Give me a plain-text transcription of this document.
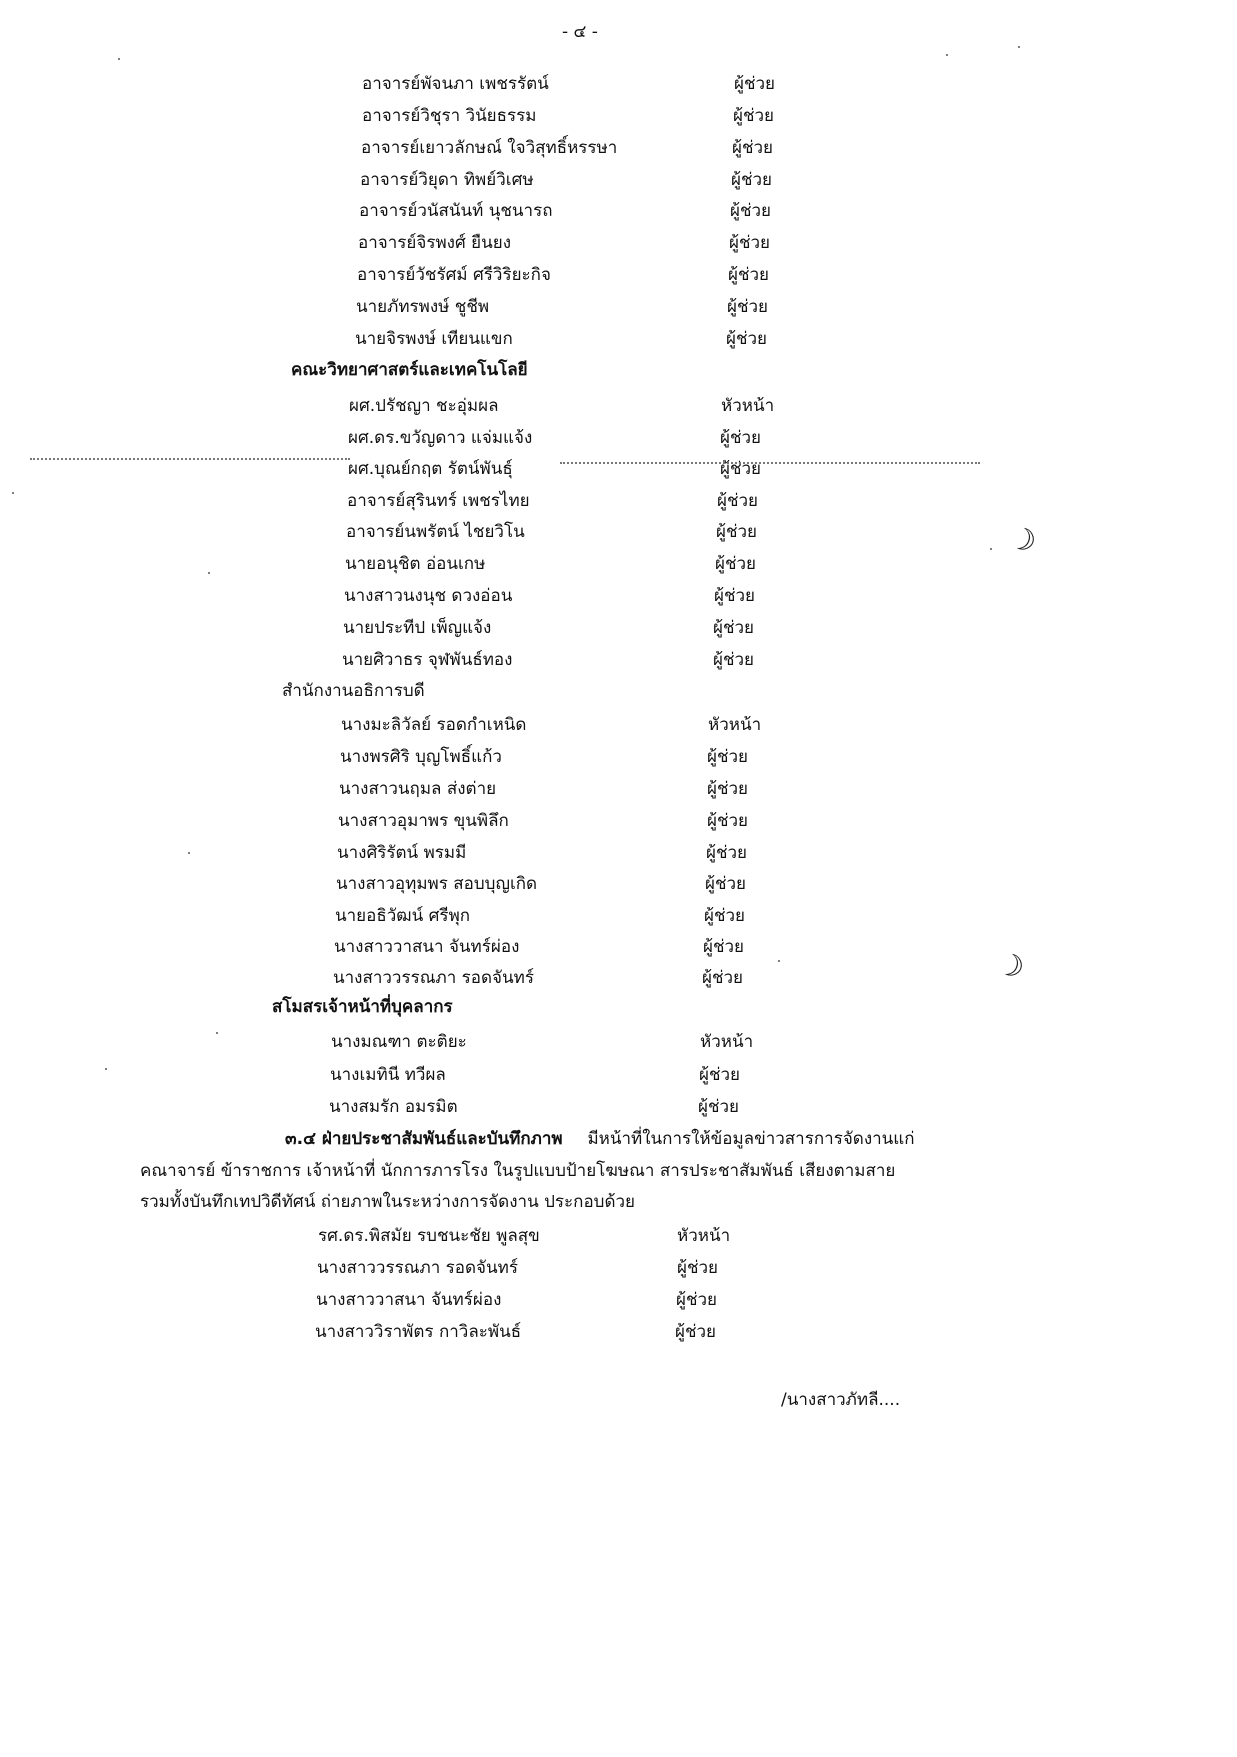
- ๔ -
อาจารย์พัจนภา เพชรรัตน์	ผู้ช่วย
อาจารย์วิชุรา วินัยธรรม	ผู้ช่วย
อาจารย์เยาวลักษณ์ ใจวิสุทธิ์หรรษา	ผู้ช่วย
อาจารย์วิยุดา ทิพย์วิเศษ	ผู้ช่วย
อาจารย์วนัสนันท์ นุชนารถ	ผู้ช่วย
อาจารย์จิรพงศ์ ยืนยง	ผู้ช่วย
อาจารย์วัชรัศม์ ศรีวิริยะกิจ	ผู้ช่วย
นายภัทรพงษ์ ชูชีพ	ผู้ช่วย
นายจิรพงษ์ เทียนแขก	ผู้ช่วย
คณะวิทยาศาสตร์และเทคโนโลยี
ผศ.ปรัชญา ชะอุ่มผล	หัวหน้า
ผศ.ดร.ขวัญดาว แจ่มแจ้ง	ผู้ช่วย
ผศ.บุณย์กฤต รัตน์พันธุ์	ผู้ช่วย
อาจารย์สุรินทร์ เพชรไทย	ผู้ช่วย
อาจารย์นพรัตน์ ไชยวิโน	ผู้ช่วย
นายอนุชิต อ่อนเกษ	ผู้ช่วย
นางสาวนงนุช ดวงอ่อน	ผู้ช่วย
นายประทีป เพ็ญแจ้ง	ผู้ช่วย
นายศิวาธร จุฬพันธ์ทอง	ผู้ช่วย
สำนักงานอธิการบดี
นางมะลิวัลย์ รอดกำเหนิด	หัวหน้า
นางพรศิริ บุญโพธิ์แก้ว	ผู้ช่วย
นางสาวนฤมล ส่งต่าย	ผู้ช่วย
นางสาวอุมาพร ขุนพิลึก	ผู้ช่วย
นางศิริรัตน์ พรมมี	ผู้ช่วย
นางสาวอุทุมพร สอบบุญเกิด	ผู้ช่วย
นายอธิวัฒน์ ศรีพุก	ผู้ช่วย
นางสาววาสนา จันทร์ผ่อง	ผู้ช่วย
นางสาววรรณภา รอดจันทร์	ผู้ช่วย
สโมสรเจ้าหน้าที่บุคลากร
นางมณฑา ตะติยะ	หัวหน้า
นางเมทินี ทวีผล	ผู้ช่วย
นางสมรัก อมรมิต	ผู้ช่วย
๓.๔ ฝ่ายประชาสัมพันธ์และบันทึกภาพ มีหน้าที่ในการให้ข้อมูลข่าวสารการจัดงานแก่
คณาจารย์ ข้าราชการ เจ้าหน้าที่ นักการภารโรง ในรูปแบบป้ายโฆษณา สารประชาสัมพันธ์ เสียงตามสาย
รวมทั้งบันทึกเทปวิดีทัศน์ ถ่ายภาพในระหว่างการจัดงาน ประกอบด้วย
รศ.ดร.พิสมัย รบชนะชัย พูลสุข	หัวหน้า
นางสาววรรณภา รอดจันทร์	ผู้ช่วย
นางสาววาสนา จันทร์ผ่อง	ผู้ช่วย
นางสาววิราพัตร กาวิละพันธ์	ผู้ช่วย
/นางสาวภัทลี....
☾
☾
